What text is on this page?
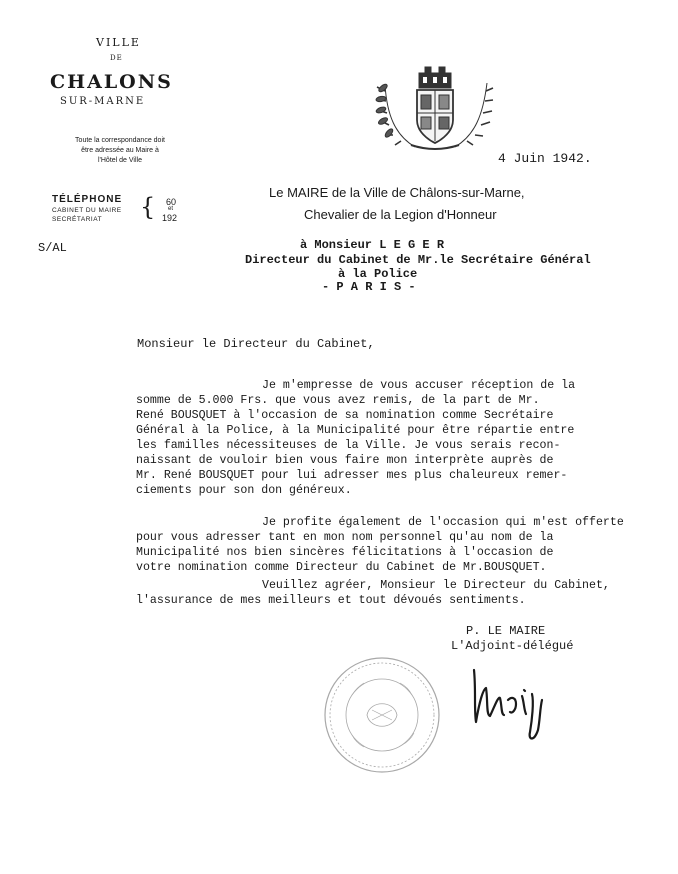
VILLE
DE
CHALONS
SUR-MARNE
Toute la correspondance doit être adressée au Maire à l'Hôtel de Ville
TÉLÉPHONE
CABINET DU MAIRE
SECRÉTARIAT { 60
et
192
S/AL
4 Juin 1942.
Le MAIRE de la Ville de Châlons-sur-Marne,
Chevalier de la Legion d'Honneur
à Monsieur L E G E R
Directeur du Cabinet de Mr.le Secrétaire Général
à la Police
- P A R I S -
Monsieur le Directeur du Cabinet,
Je m'empresse de vous accuser réception de la
somme de 5.000 Frs. que vous avez remis, de la part de Mr.
René BOUSQUET à l'occasion de sa nomination comme Secrétaire
Général à la Police, à la Municipalité pour être répartie entre
les familles nécessiteuses de la Ville. Je vous serais recon-
naissant de vouloir bien vous faire mon interprète auprès de
Mr. René BOUSQUET pour lui adresser mes plus chaleureux remer-
ciements pour son don généreux.
Je profite également de l'occasion qui m'est offerte
pour vous adresser tant en mon nom personnel qu'au nom de la
Municipalité nos bien sincères félicitations à l'occasion de
votre nomination comme Directeur du Cabinet de Mr.BOUSQUET.
Veuillez agréer, Monsieur le Directeur du Cabinet,
l'assurance de mes meilleurs et tout dévoués sentiments.
P. LE MAIRE
L'Adjoint-délégué
